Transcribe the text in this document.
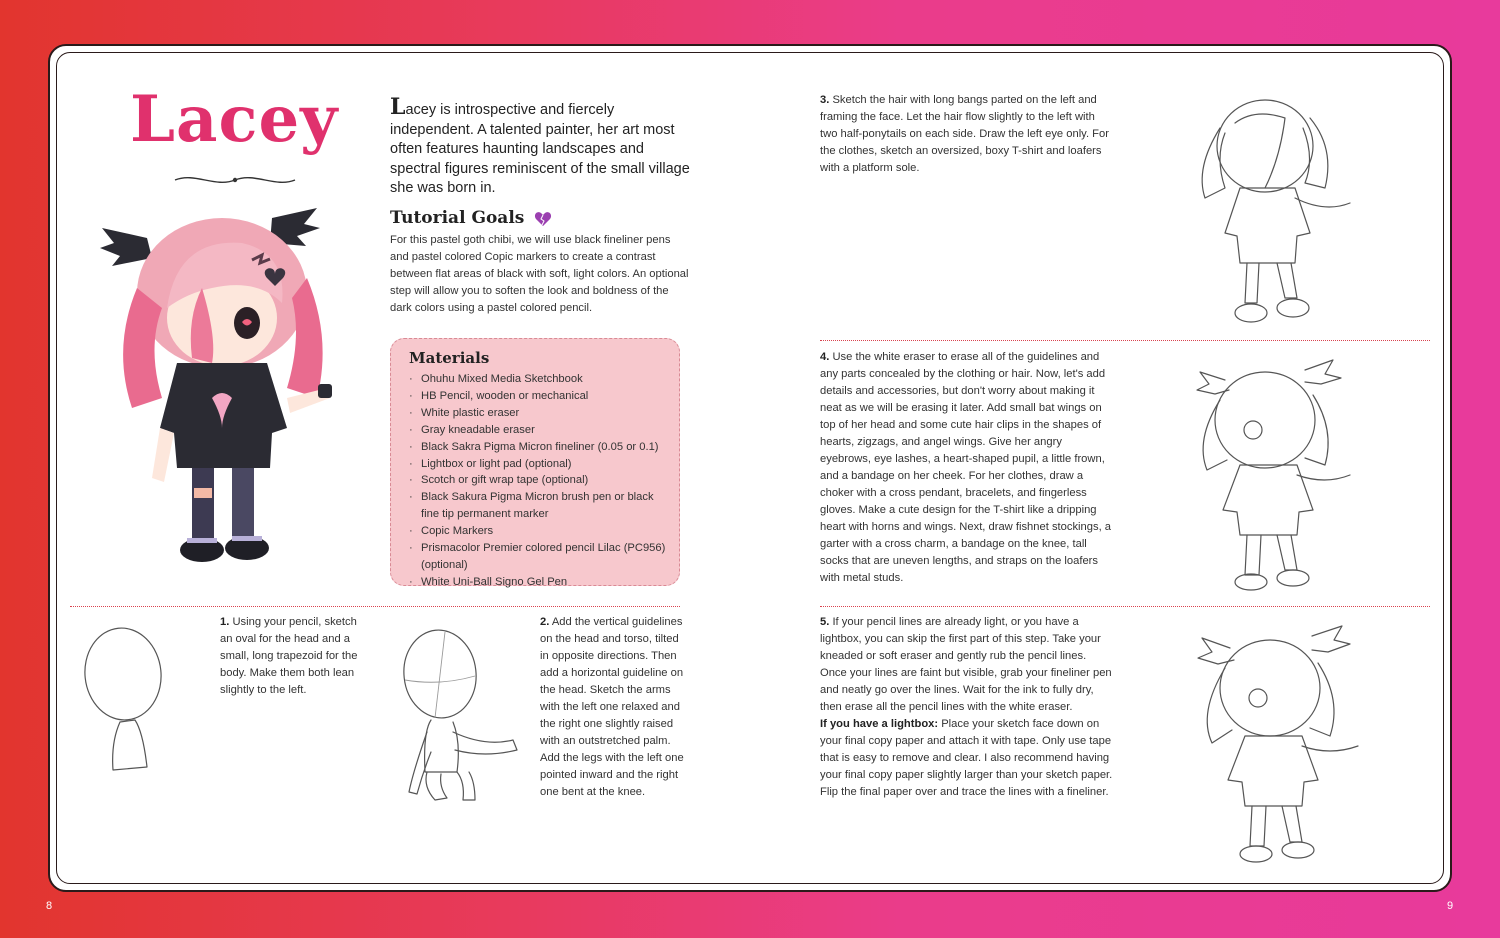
8	9
Lacey Lacey is introspective and fiercely independent. A talented painter, her art most often features haunting landscapes and spectral figures reminiscent of the small village she was born in.
Tutorial Goals
For this pastel goth chibi, we will use black fineliner pens and pastel colored Copic markers to create a contrast between flat areas of black with soft, light colors. An optional step will allow you to soften the look and boldness of the dark colors using a pastel colored pencil.
Materials
· Ohuhu Mixed Media Sketchbook
· HB Pencil, wooden or mechanical
· White plastic eraser
· Gray kneadable eraser
· Black Sakra Pigma Micron fineliner (0.05 or 0.1)
· Lightbox or light pad (optional)
· Scotch or gift wrap tape (optional)
· Black Sakura Pigma Micron brush pen or black fine tip permanent marker
· Copic Markers
· Prismacolor Premier colored pencil Lilac (PC956) (optional)
· White Uni-Ball Signo Gel Pen
1. Using your pencil, sketch an oval for the head and a small, long trapezoid for the body. Make them both lean slightly to the left.
2. Add the vertical guidelines on the head and torso, tilted in opposite directions. Then add a horizontal guideline on the head. Sketch the arms with the left one relaxed and the right one slightly raised with an outstretched palm. Add the legs with the left one pointed inward and the right one bent at the knee.
3. Sketch the hair with long bangs parted on the left and framing the face. Let the hair flow slightly to the left with two half-ponytails on each side. Draw the left eye only. For the clothes, sketch an oversized, boxy T-shirt and loafers with a platform sole.
4. Use the white eraser to erase all of the guidelines and any parts concealed by the clothing or hair. Now, let's add details and accessories, but don't worry about making it neat as we will be erasing it later. Add small bat wings on top of her head and some cute hair clips in the shapes of hearts, zigzags, and angel wings. Give her angry eyebrows, eye lashes, a heart-shaped pupil, a little frown, and a bandage on her cheek. For her clothes, draw a choker with a cross pendant, bracelets, and fingerless gloves. Make a cute design for the T-shirt like a dripping heart with horns and wings. Next, draw fishnet stockings, a garter with a cross charm, a bandage on the knee, tall socks that are uneven lengths, and straps on the loafers with metal studs.
5. If your pencil lines are already light, or you have a lightbox, you can skip the first part of this step. Take your kneaded or soft eraser and gently rub the pencil lines. Once your lines are faint but visible, grab your fineliner pen and neatly go over the lines. Wait for the ink to fully dry, then erase all the pencil lines with the white eraser.
If you have a lightbox: Place your sketch face down on your final copy paper and attach it with tape. Only use tape that is easy to remove and clear. I also recommend having your final copy paper slightly larger than your sketch paper. Flip the final paper over and trace the lines with a fineliner.
